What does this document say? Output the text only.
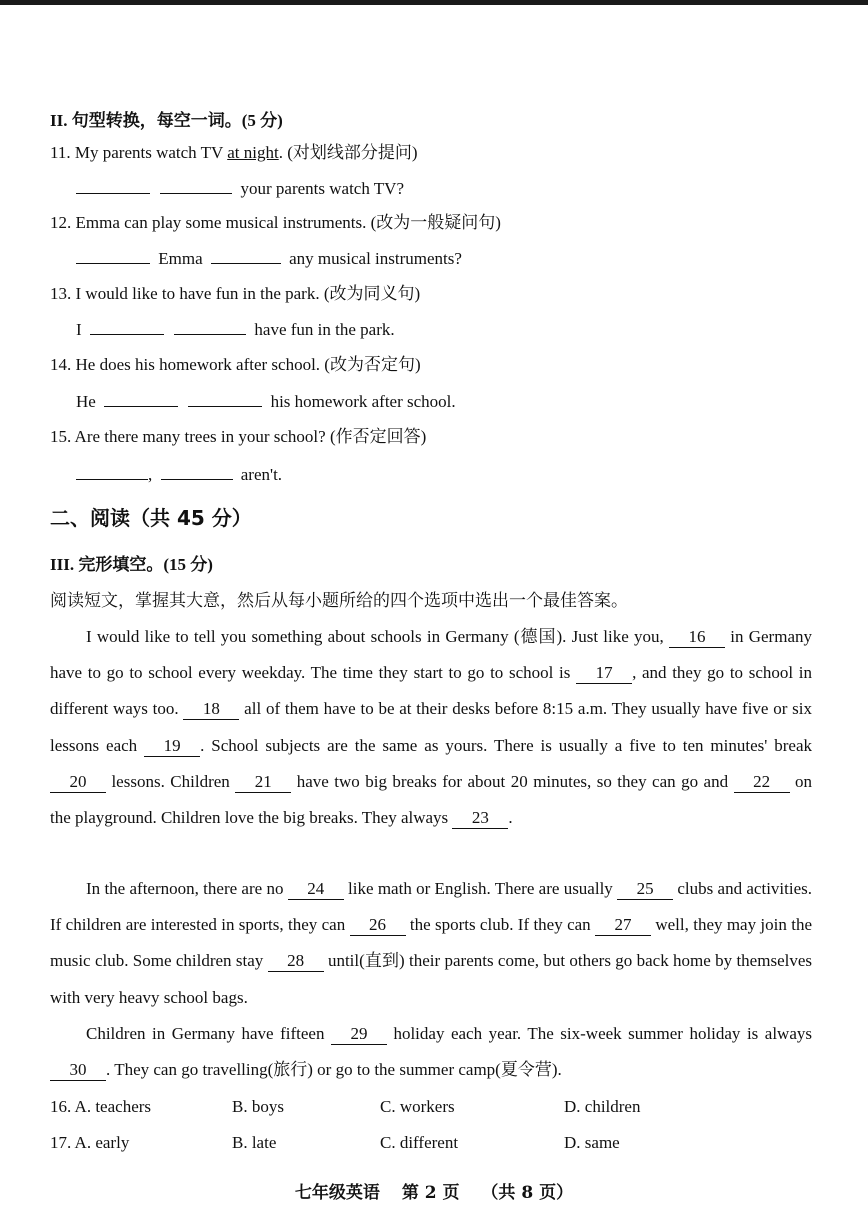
II. 句型转换，每空一词。(5 分)
11. My parents watch TV at night. (对划线部分提问)
your parents watch TV?
12. Emma can play some musical instruments. (改为一般疑问句)
Emma	any musical instruments?
13. I would like to have fun in the park. (改为同义句)
I	have fun in the park.
14. He does his homework after school. (改为否定句)
He	his homework after school.
15. Are there many trees in your school? (作否定回答)
,	aren't.
二、阅读（共 45 分）
III. 完形填空。(15 分)
阅读短文，掌握其大意，然后从每小题所给的四个选项中选出一个最佳答案。
I would like to tell you something about schools in Germany (德国). Just like you, 16 in Germany have to go to school every weekday. The time they start to go to school is 17 , and they go to school in different ways too. 18 all of them have to be at their desks before 8:15 a.m. They usually have five or six lessons each 19 . School subjects are the same as yours. There is usually a five to ten minutes' break 20 lessons. Children 21 have two big breaks for about 20 minutes, so they can go and 22 on the playground. Children love the big breaks. They always 23 .
In the afternoon, there are no 24 like math or English. There are usually 25 clubs and activities. If children are interested in sports, they can 26 the sports club. If they can 27 well, they may join the music club. Some children stay 28 until(直到) their parents come, but others go back home by themselves with very heavy school bags.
Children in Germany have fifteen 29 holiday each year. The six-week summer holiday is always 30 . They can go travelling(旅行) or go to the summer camp(夏令营).
16. A. teachers	B. boys	C. workers	D. children
17. A. early	B. late	C. different	D. same
七年级英语 第 2 页 （共 8 页）
